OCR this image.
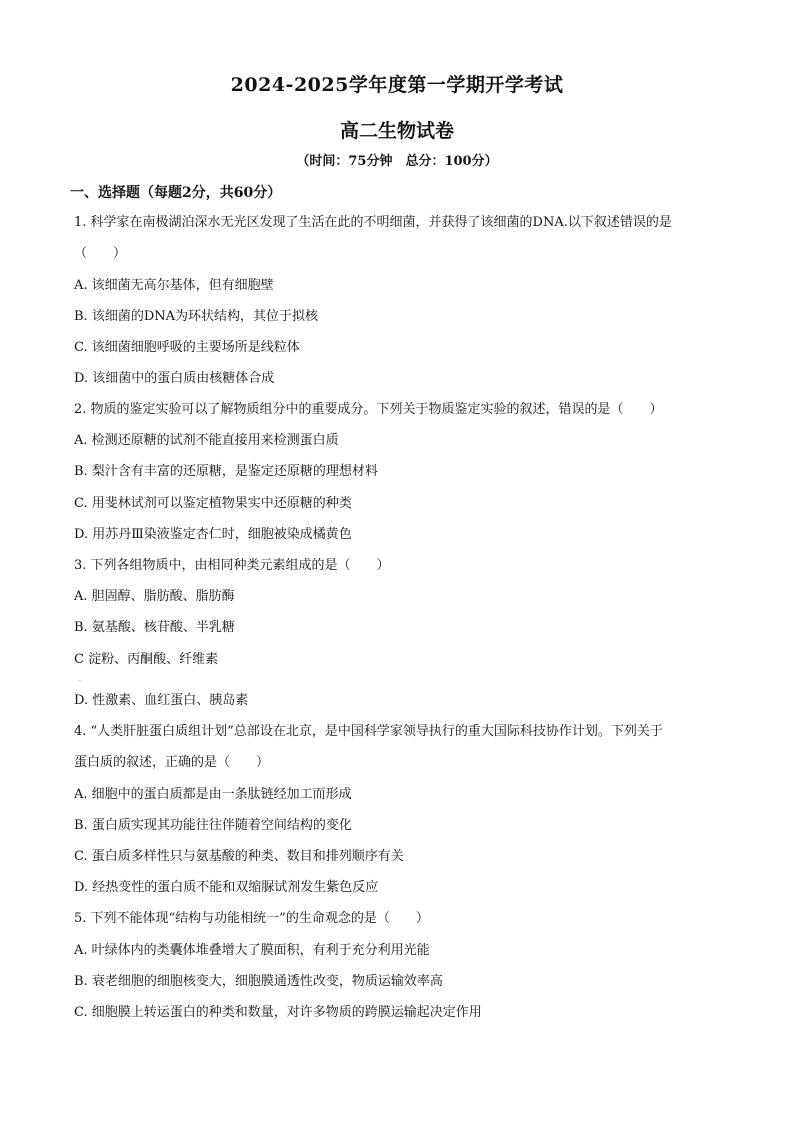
2024-2025学年度第一学期开学考试
高二生物试卷
（时间：75分钟　总分：100分）
一、选择题（每题2分，共60分）
1. 科学家在南极湖泊深水无光区发现了生活在此的不明细菌，并获得了该细菌的DNA.以下叙述错误的是
（　　）
A. 该细菌无高尔基体，但有细胞壁
B. 该细菌的DNA为环状结构，其位于拟核
C. 该细菌细胞呼吸的主要场所是线粒体
D. 该细菌中的蛋白质由核糖体合成
2. 物质的鉴定实验可以了解物质组分中的重要成分。下列关于物质鉴定实验的叙述，错误的是（　　）
A. 检测还原糖的试剂不能直接用来检测蛋白质
B. 梨汁含有丰富的还原糖，是鉴定还原糖的理想材料
C. 用斐林试剂可以鉴定植物果实中还原糖的种类
D. 用苏丹Ⅲ染液鉴定杏仁时，细胞被染成橘黄色
3. 下列各组物质中，由相同种类元素组成的是（　　）
A. 胆固醇、脂肪酸、脂肪酶
B. 氨基酸、核苷酸、半乳糖
C 淀粉、丙酮酸、纤维素
.
D. 性激素、血红蛋白、胰岛素
4. “人类肝脏蛋白质组计划”总部设在北京，是中国科学家领导执行的重大国际科技协作计划。下列关于
蛋白质的叙述，正确的是（　　）
A. 细胞中的蛋白质都是由一条肽链经加工而形成
B. 蛋白质实现其功能往往伴随着空间结构的变化
C. 蛋白质多样性只与氨基酸的种类、数目和排列顺序有关
D. 经热变性的蛋白质不能和双缩脲试剂发生紫色反应
5. 下列不能体现“结构与功能相统一”的生命观念的是（　　）
A. 叶绿体内的类囊体堆叠增大了膜面积，有利于充分利用光能
B. 衰老细胞的细胞核变大，细胞膜通透性改变，物质运输效率高
C. 细胞膜上转运蛋白的种类和数量，对许多物质的跨膜运输起决定作用
